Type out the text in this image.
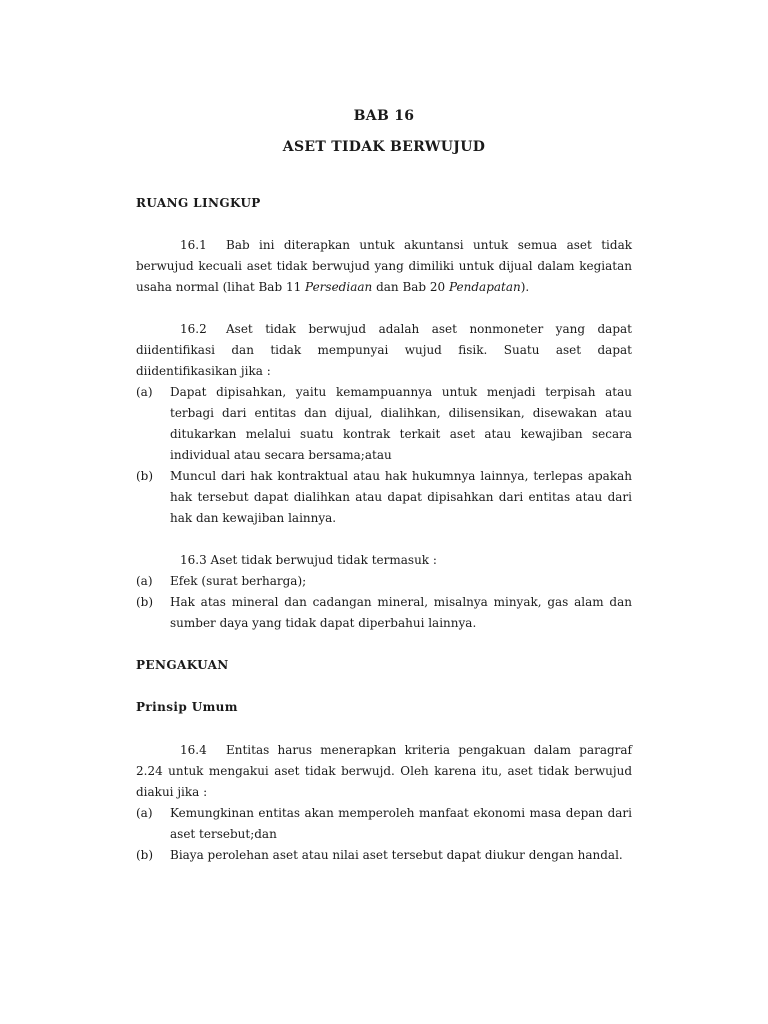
BAB 16
ASET TIDAK BERWUJUD
RUANG LINGKUP
16.1 Bab ini diterapkan untuk akuntansi untuk semua aset tidak berwujud kecuali aset tidak berwujud yang dimiliki untuk dijual dalam kegiatan usaha normal (lihat Bab 11 Persediaan dan Bab 20 Pendapatan).
16.2 Aset tidak berwujud adalah aset nonmoneter yang dapat diidentifikasi dan tidak mempunyai wujud fisik. Suatu aset dapat diidentifikasikan jika :
(a) Dapat dipisahkan, yaitu kemampuannya untuk menjadi terpisah atau terbagi dari entitas dan dijual, dialihkan, dilisensikan, disewakan atau ditukarkan melalui suatu kontrak terkait aset atau kewajiban secara individual atau secara bersama;atau
(b) Muncul dari hak kontraktual atau hak hukumnya lainnya, terlepas apakah hak tersebut dapat dialihkan atau dapat dipisahkan dari entitas atau dari hak dan kewajiban lainnya.
16.3 Aset tidak berwujud tidak termasuk :
(a) Efek (surat berharga);
(b) Hak atas mineral dan cadangan mineral, misalnya minyak, gas alam dan sumber daya yang tidak dapat diperbahui lainnya.
PENGAKUAN
Prinsip Umum
16.4 Entitas harus menerapkan kriteria pengakuan dalam paragraf 2.24 untuk mengakui aset tidak berwujd. Oleh karena itu, aset tidak berwujud diakui jika :
(a) Kemungkinan entitas akan memperoleh manfaat ekonomi masa depan dari aset tersebut;dan
(b) Biaya perolehan aset atau nilai aset tersebut dapat diukur dengan handal.
